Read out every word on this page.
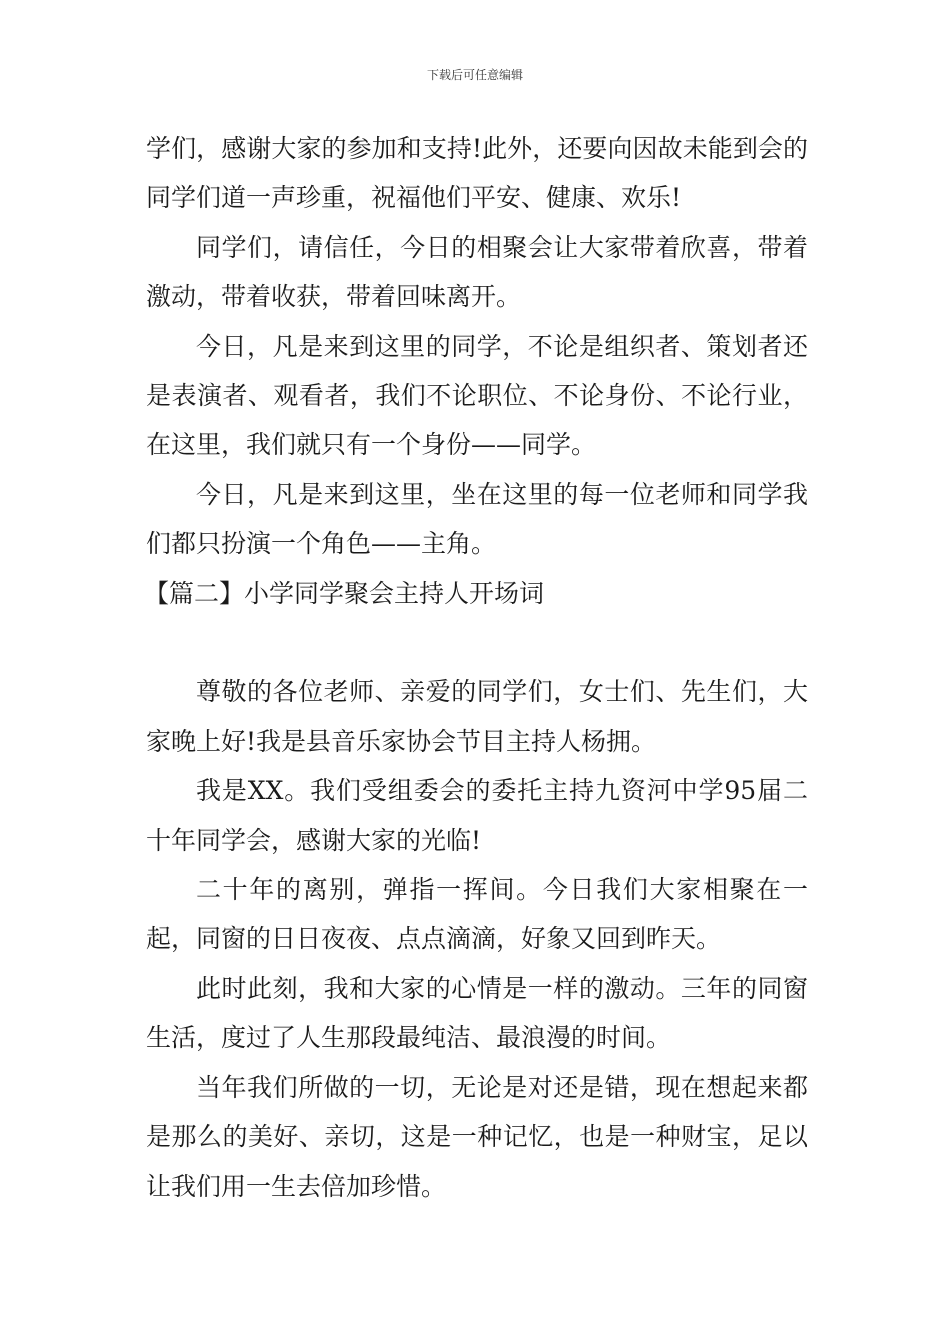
下载后可任意编辑

学们，感谢大家的参加和支持!此外，还要向因故未能到会的同学们道一声珍重，祝福他们平安、健康、欢乐!

同学们，请信任，今日的相聚会让大家带着欣喜，带着激动，带着收获，带着回味离开。

今日，凡是来到这里的同学，不论是组织者、策划者还是表演者、观看者，我们不论职位、不论身份、不论行业，在这里，我们就只有一个身份——同学。

今日，凡是来到这里，坐在这里的每一位老师和同学我们都只扮演一个角色——主角。

【篇二】小学同学聚会主持人开场词

尊敬的各位老师、亲爱的同学们，女士们、先生们，大家晚上好!我是县音乐家协会节目主持人杨拥。

我是XX。我们受组委会的委托主持九资河中学95届二十年同学会，感谢大家的光临!

二十年的离别，弹指一挥间。今日我们大家相聚在一起，同窗的日日夜夜、点点滴滴，好象又回到昨天。

此时此刻，我和大家的心情是一样的激动。三年的同窗生活，度过了人生那段最纯洁、最浪漫的时间。

当年我们所做的一切，无论是对还是错，现在想起来都是那么的美好、亲切，这是一种记忆，也是一种财宝，足以让我们用一生去倍加珍惜。
